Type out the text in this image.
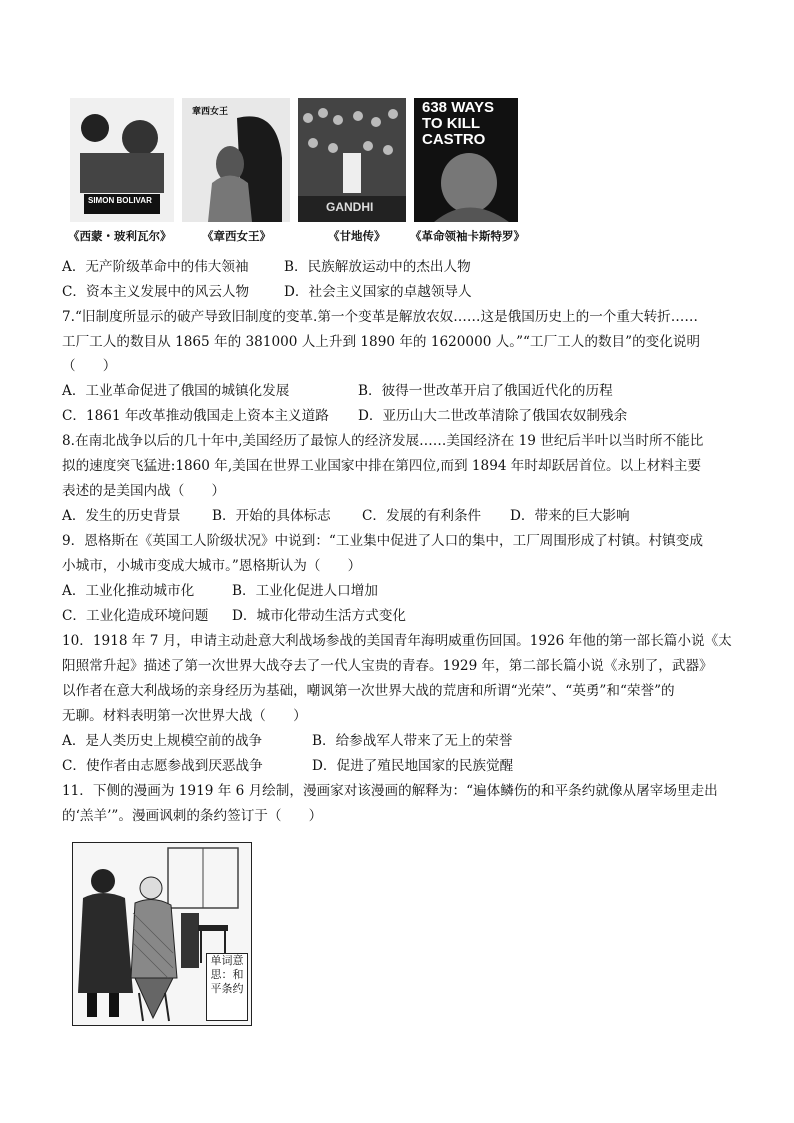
SIMON BOLIVAR
《西蒙・玻利瓦尔》
章西女王
《章西女王》
GANDHI
《甘地传》
638 WAYS TO KILL CASTRO
《革命领袖卡斯特罗》
A．无产阶级革命中的伟大领袖	B．民族解放运动中的杰出人物
C．资本主义发展中的风云人物	D．社会主义国家的卓越领导人
7.“旧制度所显示的破产导致旧制度的变革.第一个变革是解放农奴……这是俄国历史上的一个重大转折……
工厂工人的数目从 1865 年的 381000 人上升到 1890 年的 1620000 人。”“工厂工人的数目”的变化说明
（　　）
A．工业革命促进了俄国的城镇化发展	B．彼得一世改革开启了俄国近代化的历程
C．1861 年改革推动俄国走上资本主义道路 D．亚历山大二世改革清除了俄国农奴制残余
8.在南北战争以后的几十年中,美国经历了最惊人的经济发展……美国经济在 19 世纪后半叶以当时所不能比
拟的速度突飞猛进:1860 年,美国在世界工业国家中排在第四位,而到 1894 年时却跃居首位。以上材料主要
表述的是美国内战（　　）
A．发生的历史背景 B．开始的具体标志 C．发展的有利条件 D．带来的巨大影响
9．恩格斯在《英国工人阶级状况》中说到：“工业集中促进了人口的集中，工厂周围形成了村镇。村镇变成
小城市，小城市变成大城市。”恩格斯认为（　　）
A．工业化推动城市化	B．工业化促进人口增加
C．工业化造成环境问题 D．城市化带动生活方式变化
10．1918 年 7 月，申请主动赴意大利战场参战的美国青年海明威重伤回国。1926 年他的第一部长篇小说《太
阳照常升起》描述了第一次世界大战夺去了一代人宝贵的青春。1929 年，第二部长篇小说《永别了，武器》
以作者在意大利战场的亲身经历为基础，嘲讽第一次世界大战的荒唐和所谓“光荣”、“英勇”和“荣誉”的
无聊。材料表明第一次世界大战（　　）
A．是人类历史上规模空前的战争	B．给参战军人带来了无上的荣誉
C．使作者由志愿参战到厌恶战争	D．促进了殖民地国家的民族觉醒
11．下侧的漫画为 1919 年 6 月绘制，漫画家对该漫画的解释为：“遍体鳞伤的和平条约就像从屠宰场里走出
的‘羔羊’”。漫画讽刺的条约签订于（　　）
单词意思：和平条约
